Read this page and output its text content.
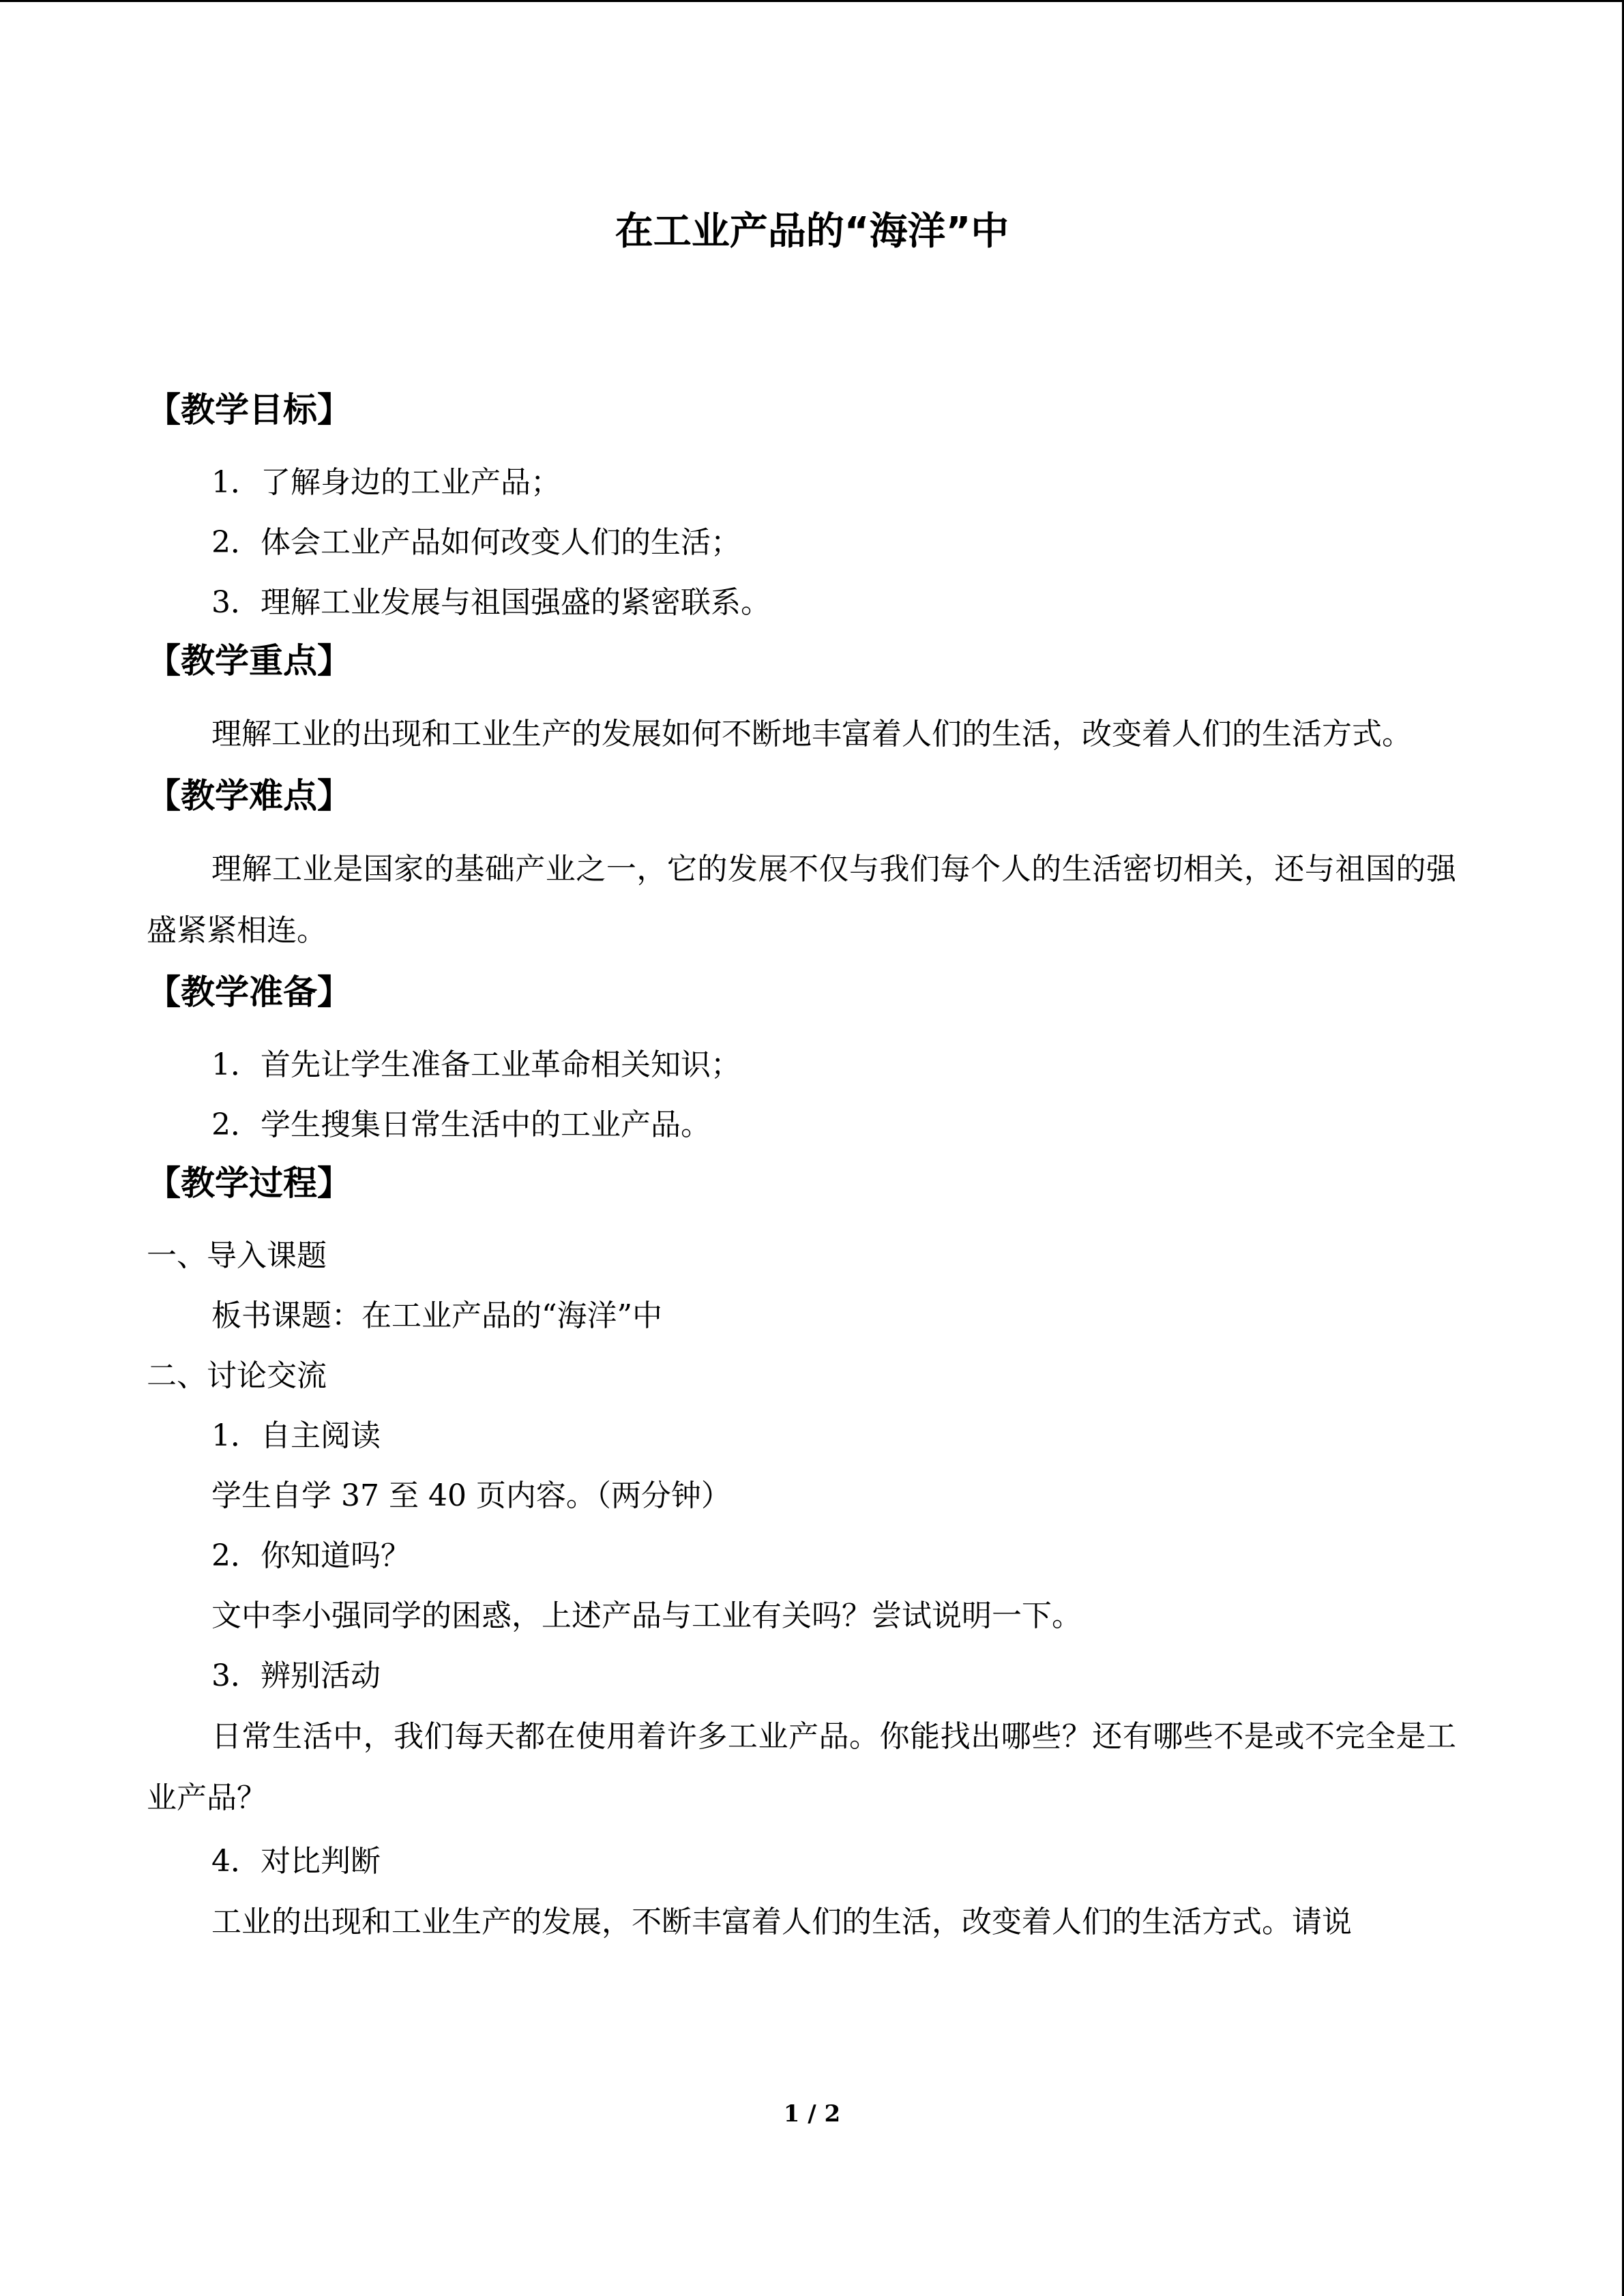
在工业产品的“海洋”中
【教学目标】
1．了解身边的工业产品；
2．体会工业产品如何改变人们的生活；
3．理解工业发展与祖国强盛的紧密联系。
【教学重点】
理解工业的出现和工业生产的发展如何不断地丰富着人们的生活，改变着人们的生活方式。
【教学难点】
理解工业是国家的基础产业之一，它的发展不仅与我们每个人的生活密切相关，还与祖国的强盛紧紧相连。
【教学准备】
1．首先让学生准备工业革命相关知识；
2．学生搜集日常生活中的工业产品。
【教学过程】
一、导入课题
板书课题：在工业产品的“海洋”中
二、讨论交流
1．自主阅读
学生自学 37 至 40 页内容。（两分钟）
2．你知道吗？
文中李小强同学的困惑，上述产品与工业有关吗？尝试说明一下。
3．辨别活动
日常生活中，我们每天都在使用着许多工业产品。你能找出哪些？还有哪些不是或不完全是工业产品？
4．对比判断
工业的出现和工业生产的发展，不断丰富着人们的生活，改变着人们的生活方式。请说
1 / 2
